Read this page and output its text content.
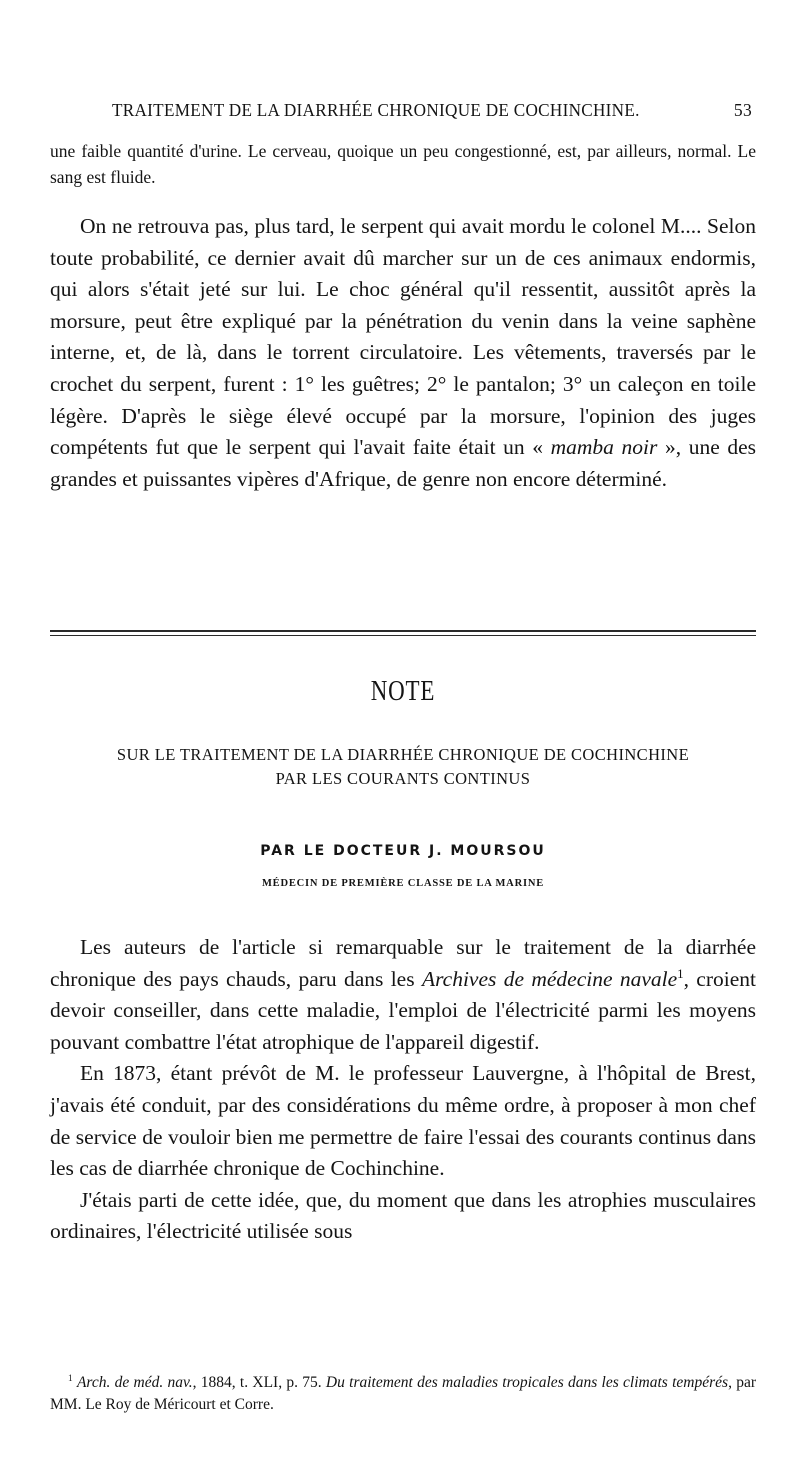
TRAITEMENT DE LA DIARRHÉE CHRONIQUE DE COCHINCHINE.	53
une faible quantité d'urine. Le cerveau, quoique un peu congestionné, est, par ailleurs, normal. Le sang est fluide.

On ne retrouva pas, plus tard, le serpent qui avait mordu le colonel M.... Selon toute probabilité, ce dernier avait dû marcher sur un de ces animaux endormis, qui alors s'était jeté sur lui. Le choc général qu'il ressentit, aussitôt après la morsure, peut être expliqué par la pénétration du venin dans la veine saphène interne, et, de là, dans le torrent circulatoire. Les vêtements, traversés par le crochet du serpent, furent : 1° les guêtres; 2° le pantalon; 3° un caleçon en toile légère. D'après le siège élevé occupé par la morsure, l'opinion des juges compétents fut que le serpent qui l'avait faite était un « mamba noir », une des grandes et puissantes vipères d'Afrique, de genre non encore déterminé.

NOTE
SUR LE TRAITEMENT DE LA DIARRHÉE CHRONIQUE DE COCHINCHINE
PAR LES COURANTS CONTINUS
PAR LE DOCTEUR J. MOURSOU
MÉDECIN DE PREMIÈRE CLASSE DE LA MARINE

Les auteurs de l'article si remarquable sur le traitement de la diarrhée chronique des pays chauds, paru dans les Archives de médecine navale$^1$, croient devoir conseiller, dans cette maladie, l'emploi de l'électricité parmi les moyens pouvant combattre l'état atrophique de l'appareil digestif.

En 1873, étant prévôt de M. le professeur Lauvergne, à l'hôpital de Brest, j'avais été conduit, par des considérations du même ordre, à proposer à mon chef de service de vouloir bien me permettre de faire l'essai des courants continus dans les cas de diarrhée chronique de Cochinchine.

J'étais parti de cette idée, que, du moment que dans les atrophies musculaires ordinaires, l'électricité utilisée sous

$^1$ Arch. de méd. nav., 1884, t. XLI, p. 75. Du traitement des maladies tropicales dans les climats tempérés, par MM. Le Roy de Méricourt et Corre.
